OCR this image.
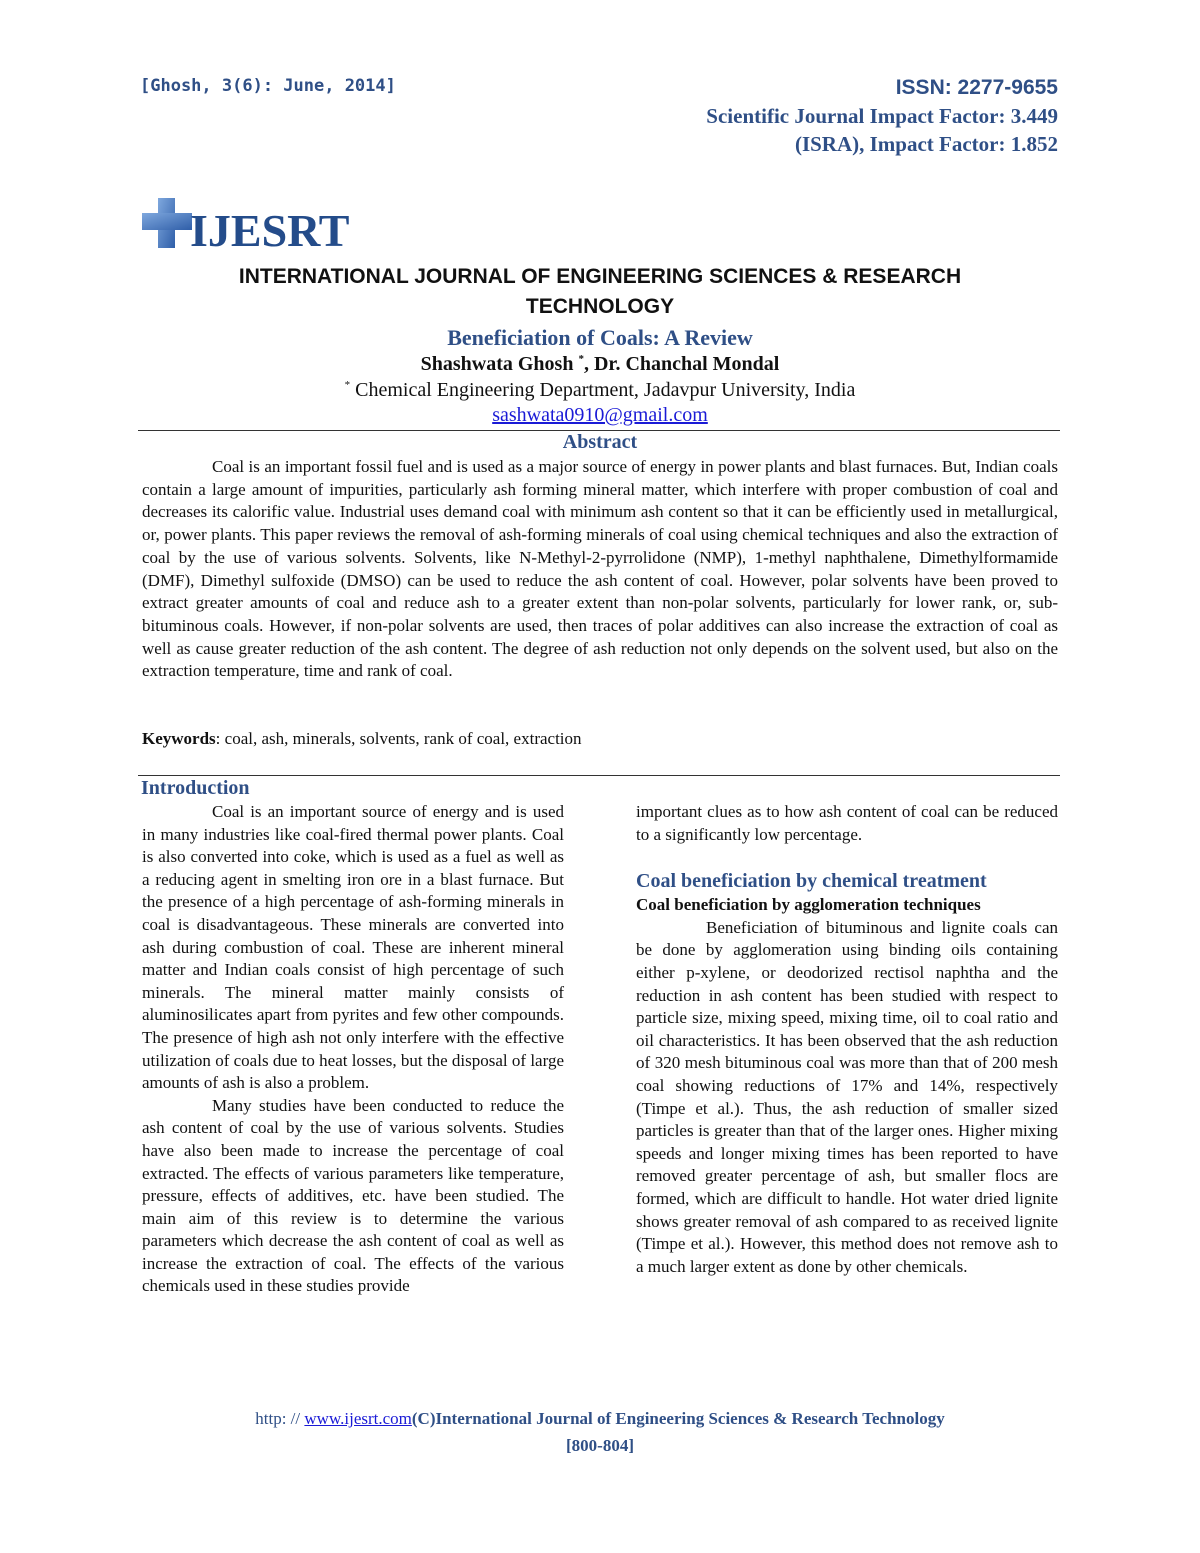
[Ghosh, 3(6): June, 2014]	ISSN: 2277-9655
Scientific Journal Impact Factor: 3.449
(ISRA), Impact Factor: 1.852
IJESRT
INTERNATIONAL JOURNAL OF ENGINEERING SCIENCES & RESEARCH
TECHNOLOGY
Beneficiation of Coals: A Review
Shashwata Ghosh *, Dr. Chanchal Mondal
* Chemical Engineering Department, Jadavpur University, India
sashwata0910@gmail.com
Abstract
Coal is an important fossil fuel and is used as a major source of energy in power plants and blast furnaces. But, Indian coals contain a large amount of impurities, particularly ash forming mineral matter, which interfere with proper combustion of coal and decreases its calorific value. Industrial uses demand coal with minimum ash content so that it can be efficiently used in metallurgical, or, power plants. This paper reviews the removal of ash-forming minerals of coal using chemical techniques and also the extraction of coal by the use of various solvents. Solvents, like N-Methyl-2-pyrrolidone (NMP), 1-methyl naphthalene, Dimethylformamide (DMF), Dimethyl sulfoxide (DMSO) can be used to reduce the ash content of coal. However, polar solvents have been proved to extract greater amounts of coal and reduce ash to a greater extent than non-polar solvents, particularly for lower rank, or, sub-bituminous coals. However, if non-polar solvents are used, then traces of polar additives can also increase the extraction of coal as well as cause greater reduction of the ash content. The degree of ash reduction not only depends on the solvent used, but also on the extraction temperature, time and rank of coal.
Keywords: coal, ash, minerals, solvents, rank of coal, extraction
Introduction

Coal is an important source of energy and is used in many industries like coal-fired thermal power plants. Coal is also converted into coke, which is used as a fuel as well as a reducing agent in smelting iron ore in a blast furnace. But the presence of a high percentage of ash-forming minerals in coal is disadvantageous. These minerals are converted into ash during combustion of coal. These are inherent mineral matter and Indian coals consist of high percentage of such minerals. The mineral matter mainly consists of aluminosilicates apart from pyrites and few other compounds. The presence of high ash not only interfere with the effective utilization of coals due to heat losses, but the disposal of large amounts of ash is also a problem.

Many studies have been conducted to reduce the ash content of coal by the use of various solvents. Studies have also been made to increase the percentage of coal extracted. The effects of various parameters like temperature, pressure, effects of additives, etc. have been studied. The main aim of this review is to determine the various parameters which decrease the ash content of coal as well as increase the extraction of coal. The effects of the various chemicals used in these studies provide

important clues as to how ash content of coal can be reduced to a significantly low percentage.

Coal beneficiation by chemical treatment
Coal beneficiation by agglomeration techniques

Beneficiation of bituminous and lignite coals can be done by agglomeration using binding oils containing either p-xylene, or deodorized rectisol naphtha and the reduction in ash content has been studied with respect to particle size, mixing speed, mixing time, oil to coal ratio and oil characteristics. It has been observed that the ash reduction of 320 mesh bituminous coal was more than that of 200 mesh coal showing reductions of 17% and 14%, respectively (Timpe et al.). Thus, the ash reduction of smaller sized particles is greater than that of the larger ones. Higher mixing speeds and longer mixing times has been reported to have removed greater percentage of ash, but smaller flocs are formed, which are difficult to handle. Hot water dried lignite shows greater removal of ash compared to as received lignite (Timpe et al.). However, this method does not remove ash to a much larger extent as done by other chemicals.

http: // www.ijesrt.com(C)International Journal of Engineering Sciences & Research Technology
[800-804]
